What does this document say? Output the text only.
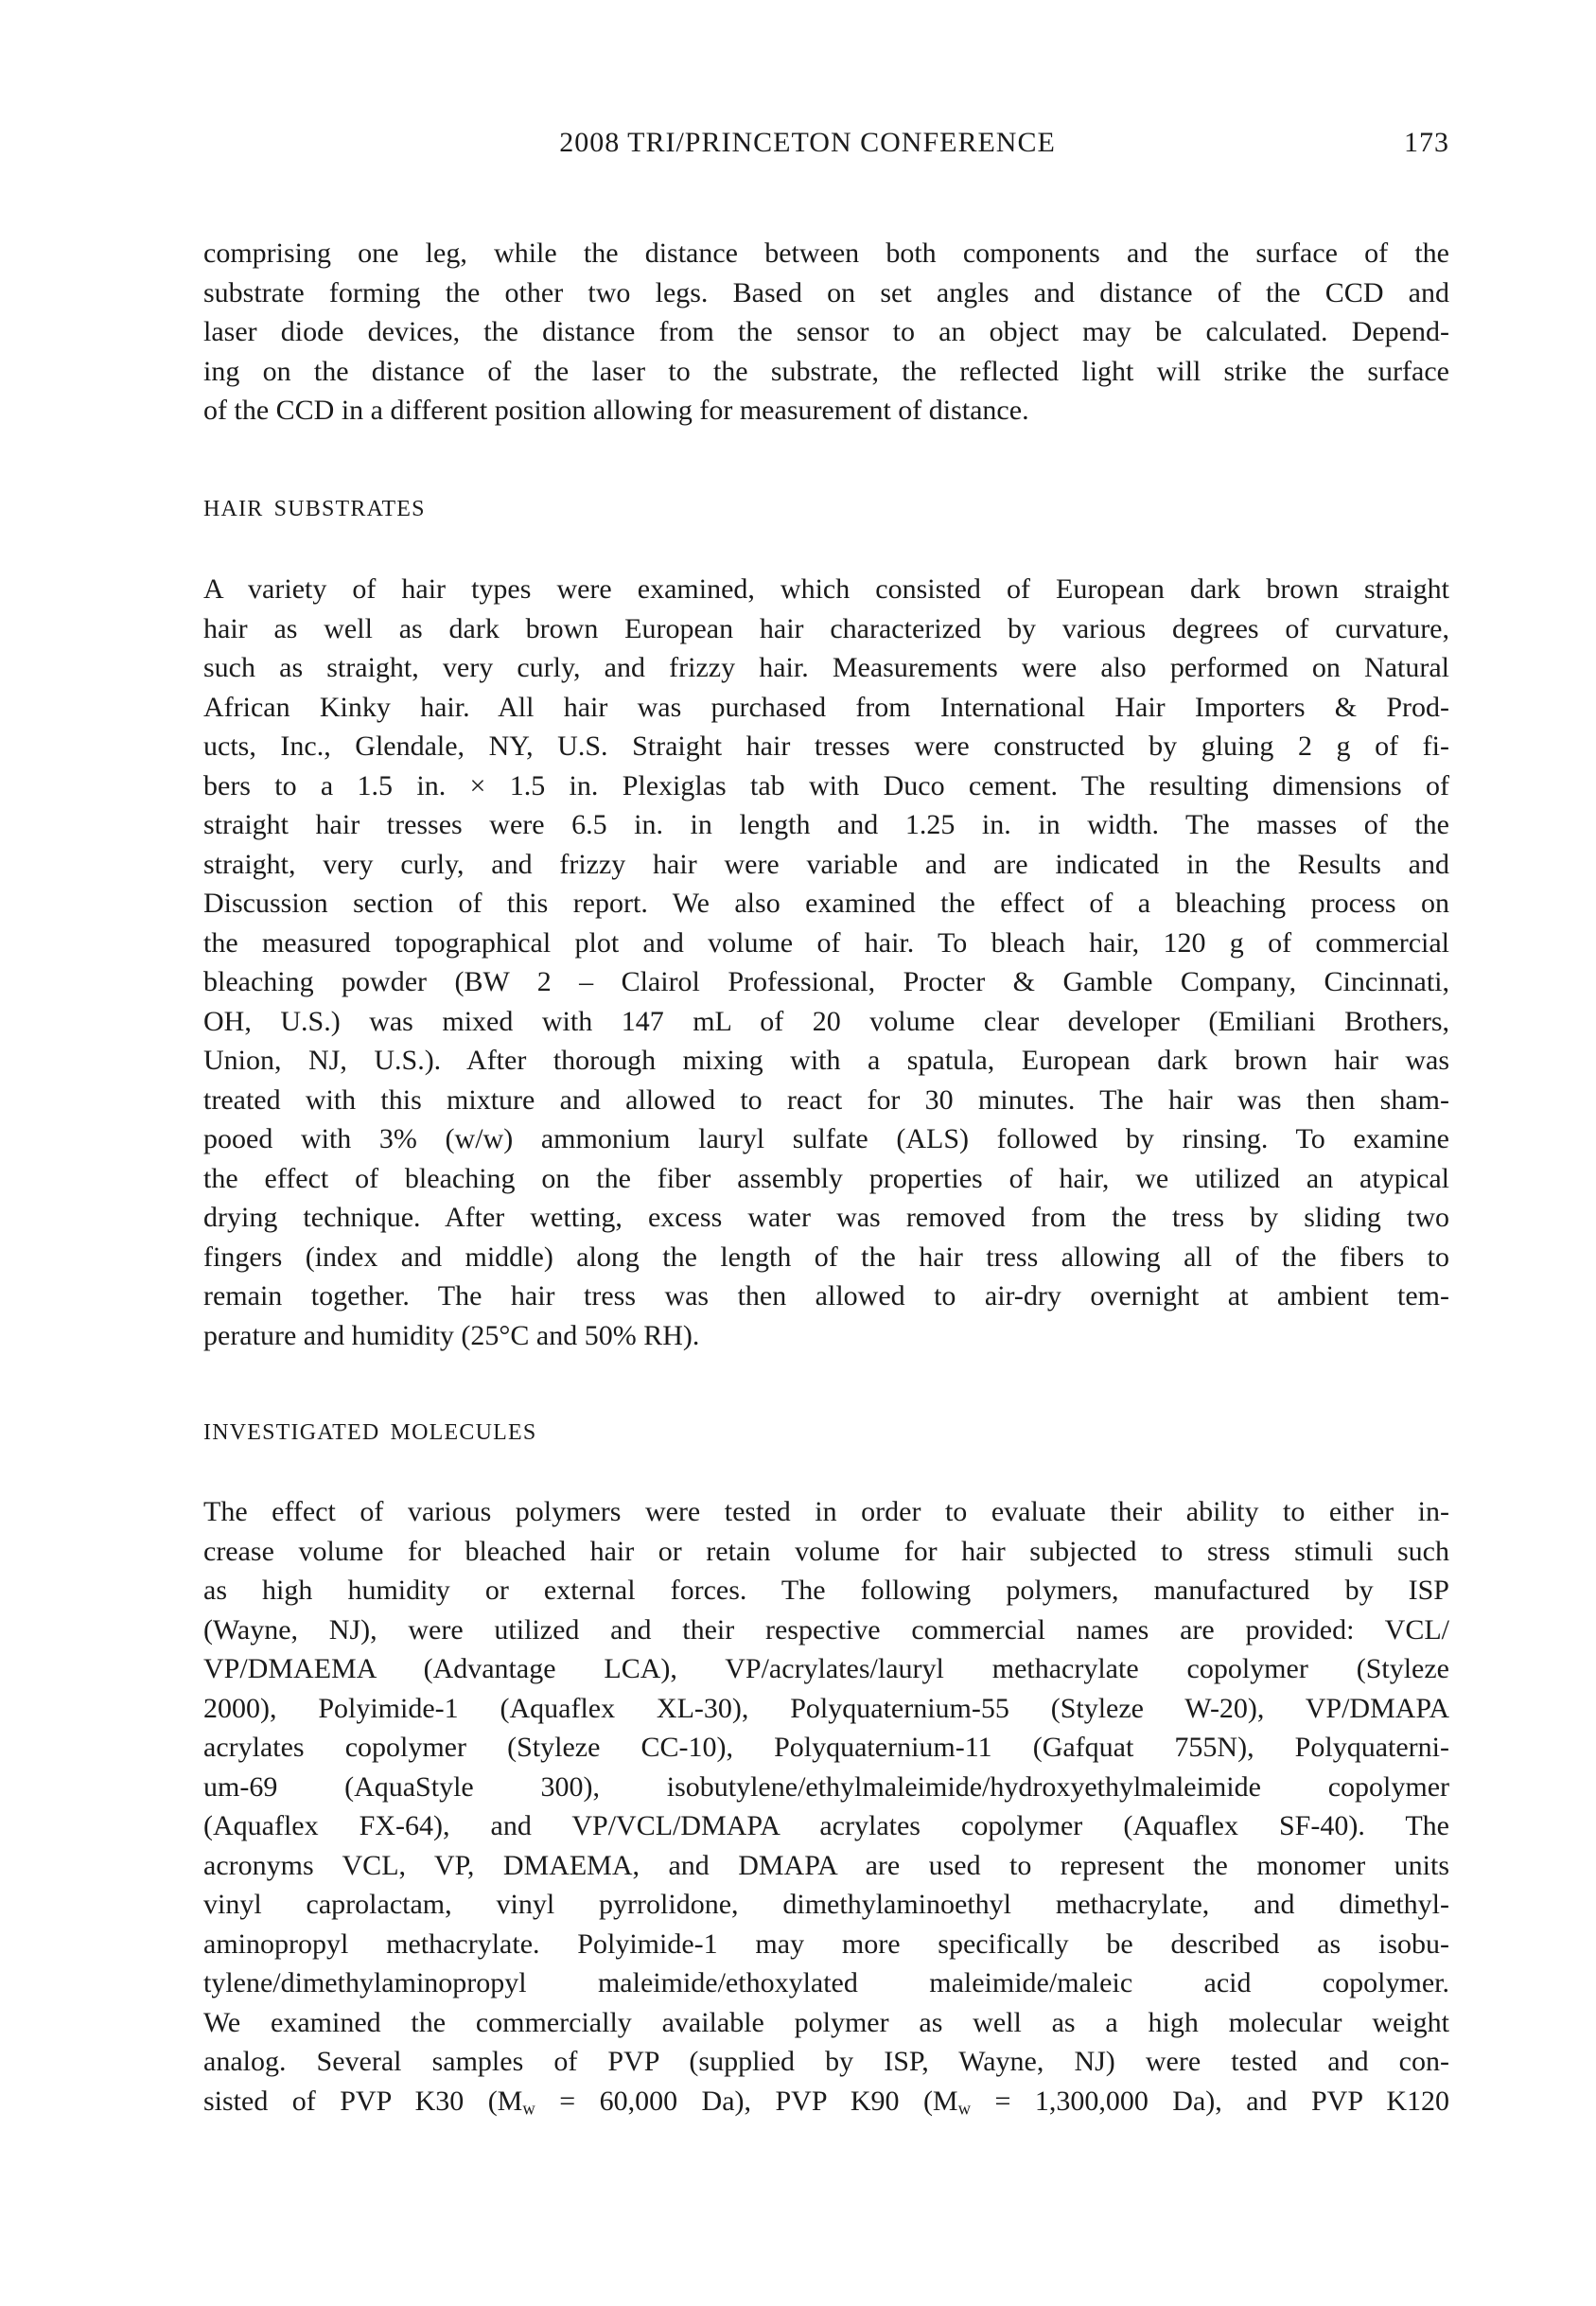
2008 TRI/PRINCETON CONFERENCE	173
comprising one leg, while the distance between both components and the surface of the
substrate forming the other two legs. Based on set angles and distance of the CCD and
laser diode devices, the distance from the sensor to an object may be calculated. Depend-
ing on the distance of the laser to the substrate, the reflected light will strike the surface
of the CCD in a different position allowing for measurement of distance.
HAIR SUBSTRATES
A variety of hair types were examined, which consisted of European dark brown straight
hair as well as dark brown European hair characterized by various degrees of curvature,
such as straight, very curly, and frizzy hair. Measurements were also performed on Natural
African Kinky hair. All hair was purchased from International Hair Importers & Prod-
ucts, Inc., Glendale, NY, U.S. Straight hair tresses were constructed by gluing 2 g of fi-
bers to a 1.5 in. × 1.5 in. Plexiglas tab with Duco cement. The resulting dimensions of
straight hair tresses were 6.5 in. in length and 1.25 in. in width. The masses of the
straight, very curly, and frizzy hair were variable and are indicated in the Results and
Discussion section of this report. We also examined the effect of a bleaching process on
the measured topographical plot and volume of hair. To bleach hair, 120 g of commercial
bleaching powder (BW 2 – Clairol Professional, Procter & Gamble Company, Cincinnati,
OH, U.S.) was mixed with 147 mL of 20 volume clear developer (Emiliani Brothers,
Union, NJ, U.S.). After thorough mixing with a spatula, European dark brown hair was
treated with this mixture and allowed to react for 30 minutes. The hair was then sham-
pooed with 3% (w/w) ammonium lauryl sulfate (ALS) followed by rinsing. To examine
the effect of bleaching on the fiber assembly properties of hair, we utilized an atypical
drying technique. After wetting, excess water was removed from the tress by sliding two
fingers (index and middle) along the length of the hair tress allowing all of the fibers to
remain together. The hair tress was then allowed to air-dry overnight at ambient tem-
perature and humidity (25°C and 50% RH).
INVESTIGATED MOLECULES
The effect of various polymers were tested in order to evaluate their ability to either in-
crease volume for bleached hair or retain volume for hair subjected to stress stimuli such
as high humidity or external forces. The following polymers, manufactured by ISP
(Wayne, NJ), were utilized and their respective commercial names are provided: VCL/
VP/DMAEMA (Advantage LCA), VP/acrylates/lauryl methacrylate copolymer (Styleze
2000), Polyimide-1 (Aquaflex XL-30), Polyquaternium-55 (Styleze W-20), VP/DMAPA
acrylates copolymer (Styleze CC-10), Polyquaternium-11 (Gafquat 755N), Polyquaterni-
um-69 (AquaStyle 300), isobutylene/ethylmaleimide/hydroxyethylmaleimide copolymer
(Aquaflex FX-64), and VP/VCL/DMAPA acrylates copolymer (Aquaflex SF-40). The
acronyms VCL, VP, DMAEMA, and DMAPA are used to represent the monomer units
vinyl caprolactam, vinyl pyrrolidone, dimethylaminoethyl methacrylate, and dimethyl-
aminopropyl methacrylate. Polyimide-1 may more specifically be described as isobu-
tylene/dimethylaminopropyl maleimide/ethoxylated maleimide/maleic acid copolymer.
We examined the commercially available polymer as well as a high molecular weight
analog. Several samples of PVP (supplied by ISP, Wayne, NJ) were tested and con-
sisted of PVP K30 ($M_w = 60,000$ Da), PVP K90 ($M_w = 1,300,000$ Da), and PVP K120
